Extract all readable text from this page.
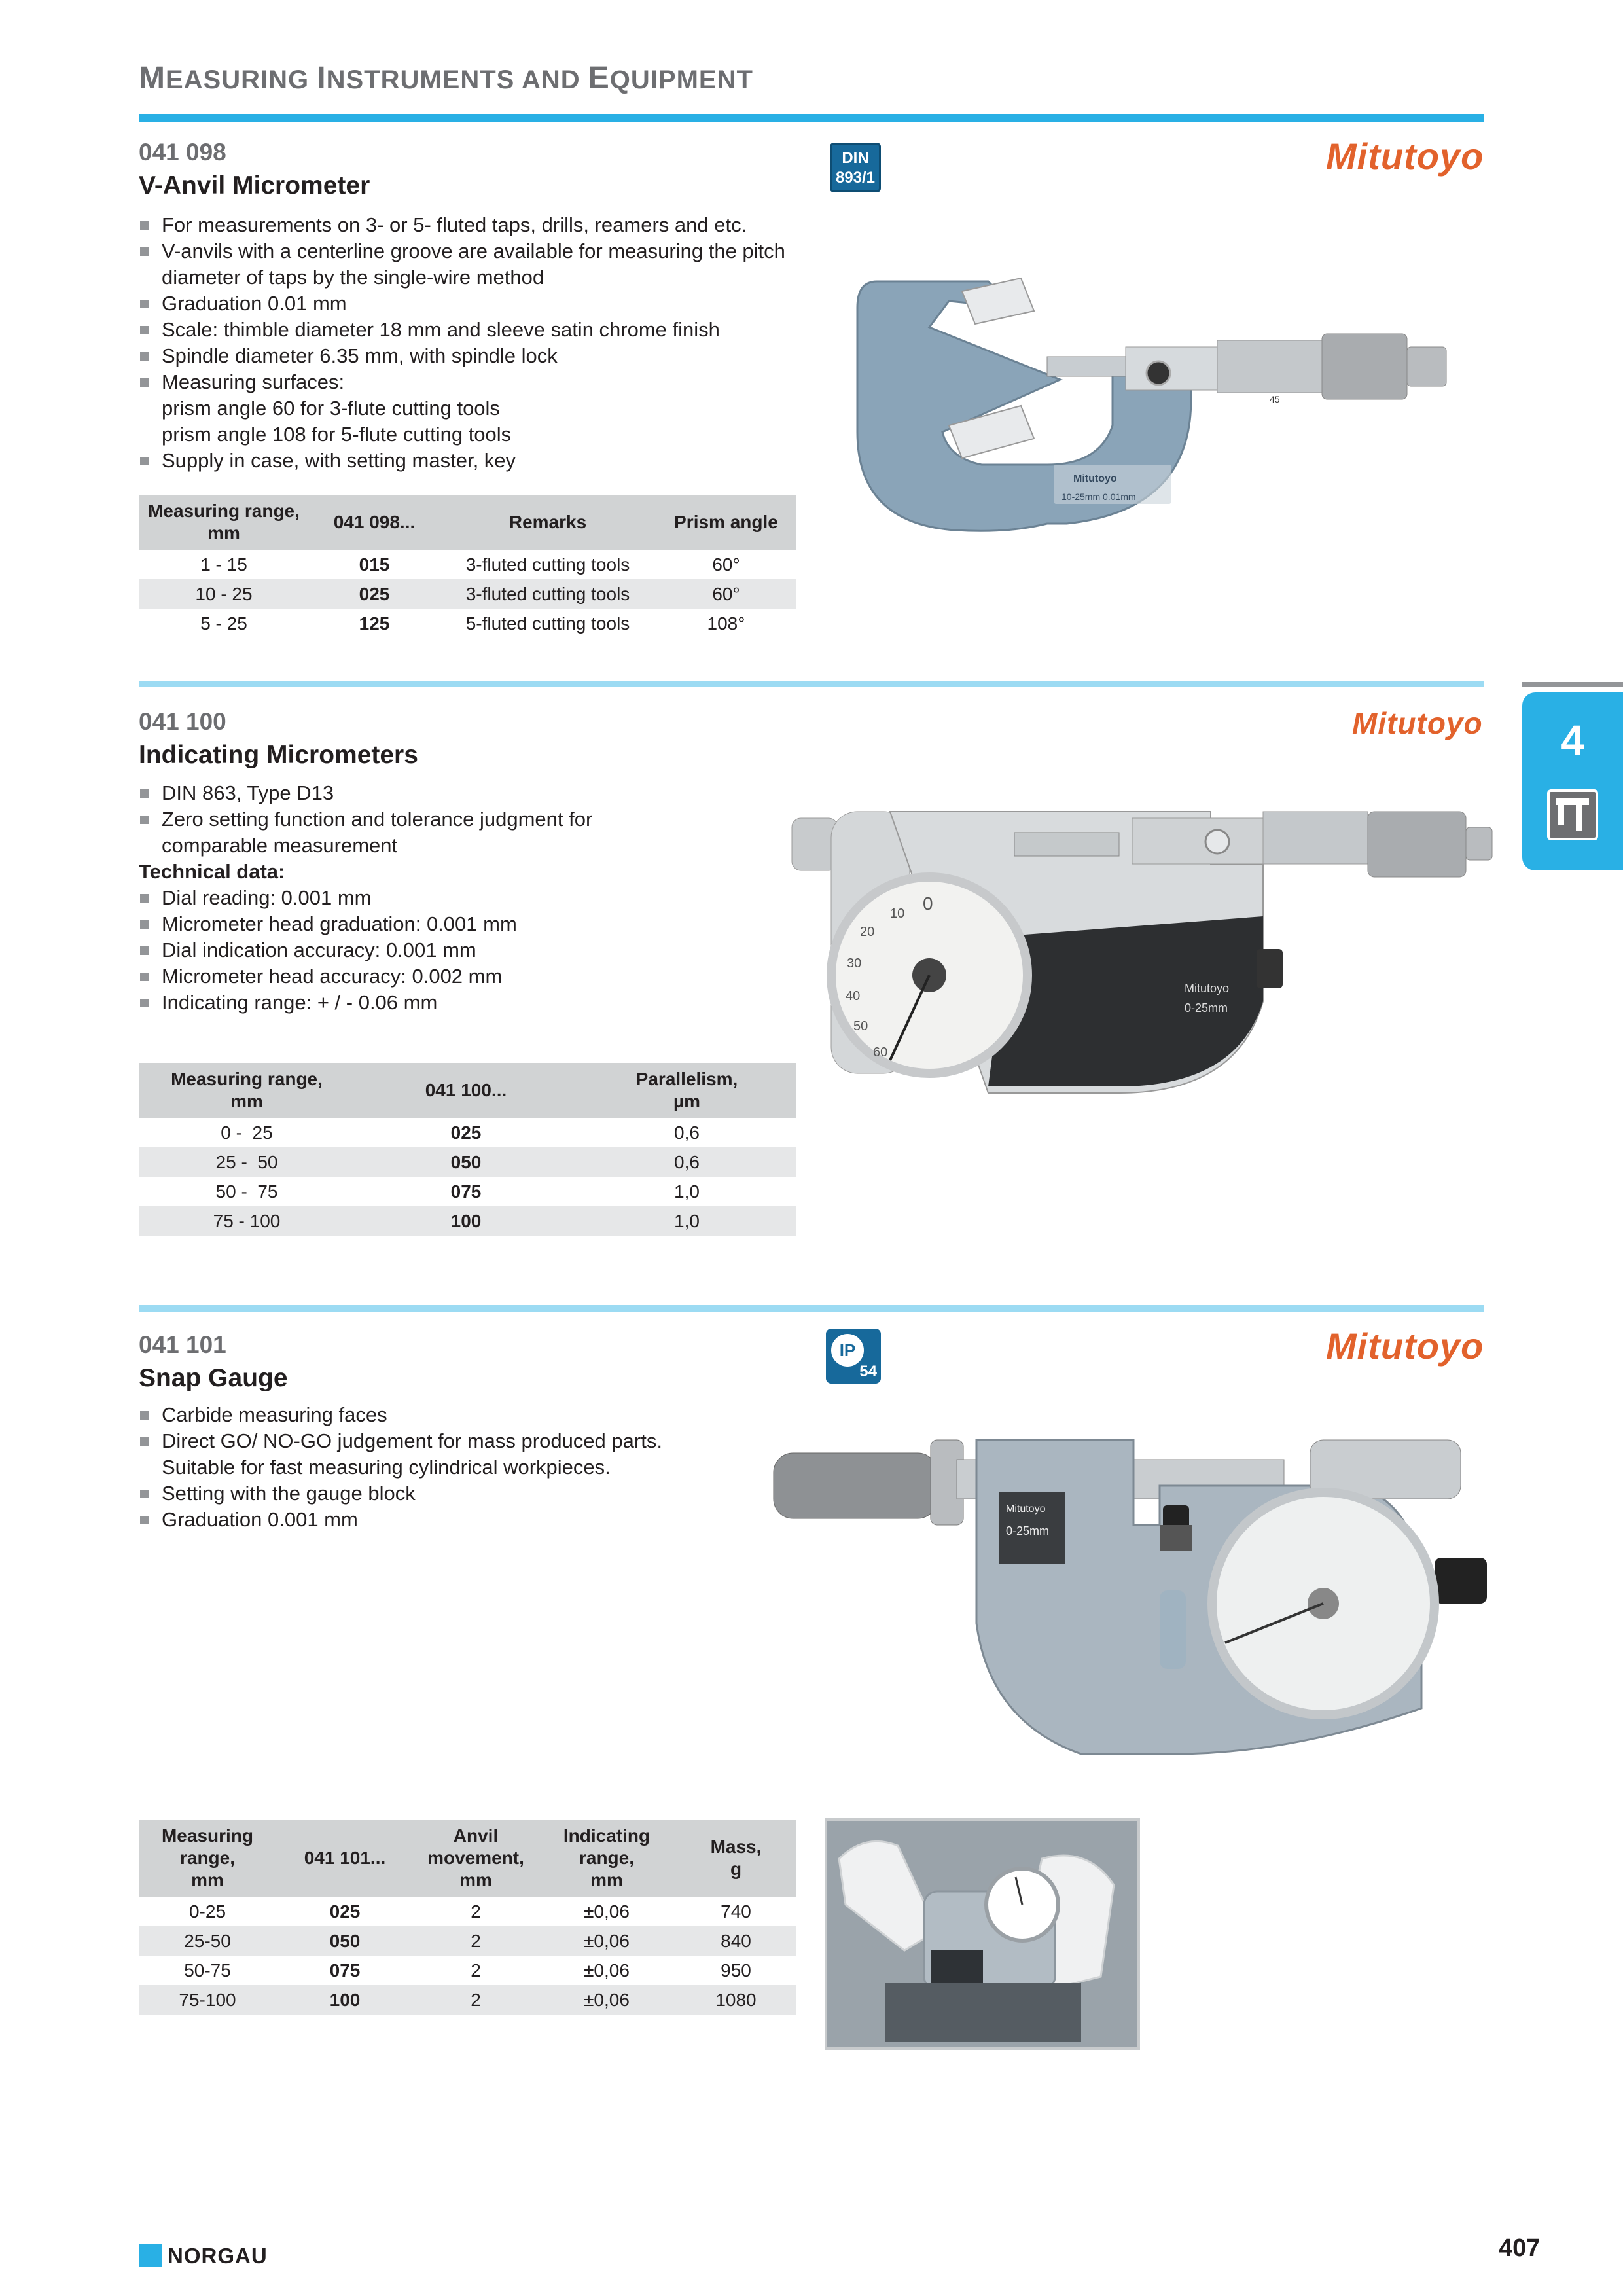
MEASURING INSTRUMENTS AND EQUIPMENT
041 098
V-Anvil Micrometer
DIN
893/1
Mitutoyo
For measurements on 3- or 5- fluted taps, drills, reamers and etc.
V-anvils with a centerline groove are available for measuring the pitch
diameter of taps by the single-wire method
Graduation 0.01 mm
Scale: thimble diameter 18 mm and sleeve satin chrome finish
Spindle diameter 6.35 mm, with spindle lock
Measuring surfaces:
prism angle 60 for 3-flute cutting tools
prism angle 108 for 5-flute cutting tools
Supply in case, with setting master, key
Mitutoyo
10-25mm 0.01mm
45
Measuring range,
mm	041 098...	Remarks	Prism angle
1 - 15	015	3-fluted cutting tools	60°
10 - 25	025	3-fluted cutting tools	60°
5 - 25	125	5-fluted cutting tools	108°
041 100
Indicating Micrometers
Mitutoyo
DIN 863, Type D13
Zero setting function and tolerance judgment for
comparable measurement
Technical data:
Dial reading: 0.001 mm
Micrometer head graduation: 0.001 mm
Dial indication accuracy: 0.001 mm
Micrometer head accuracy: 0.002 mm
Indicating range: + / - 0.06 mm
Mitutoyo
0-25mm
0
10
20
30
40
50
60
Measuring range,
mm	041 100...	Parallelism,
µm
0 -  25	025	0,6
25 -  50	050	0,6
50 -  75	075	1,0
75 - 100	100	1,0
041 101
Snap Gauge
IP
54
Mitutoyo
Carbide measuring faces
Direct GO/ NO-GO judgement for mass produced parts.
Suitable for fast measuring cylindrical workpieces.
Setting with the gauge block
Graduation 0.001 mm	Mitutoyo
0-25mm
Measuring
range,
mm	041 101...	Anvil
movement,
mm	Indicating
range,
mm	Mass,
g
0-25	025	2	±0,06	740
25-50	050	2	±0,06	840
50-75	075	2	±0,06	950
75-100	100	2	±0,06	1080
4
NORGAU	407
